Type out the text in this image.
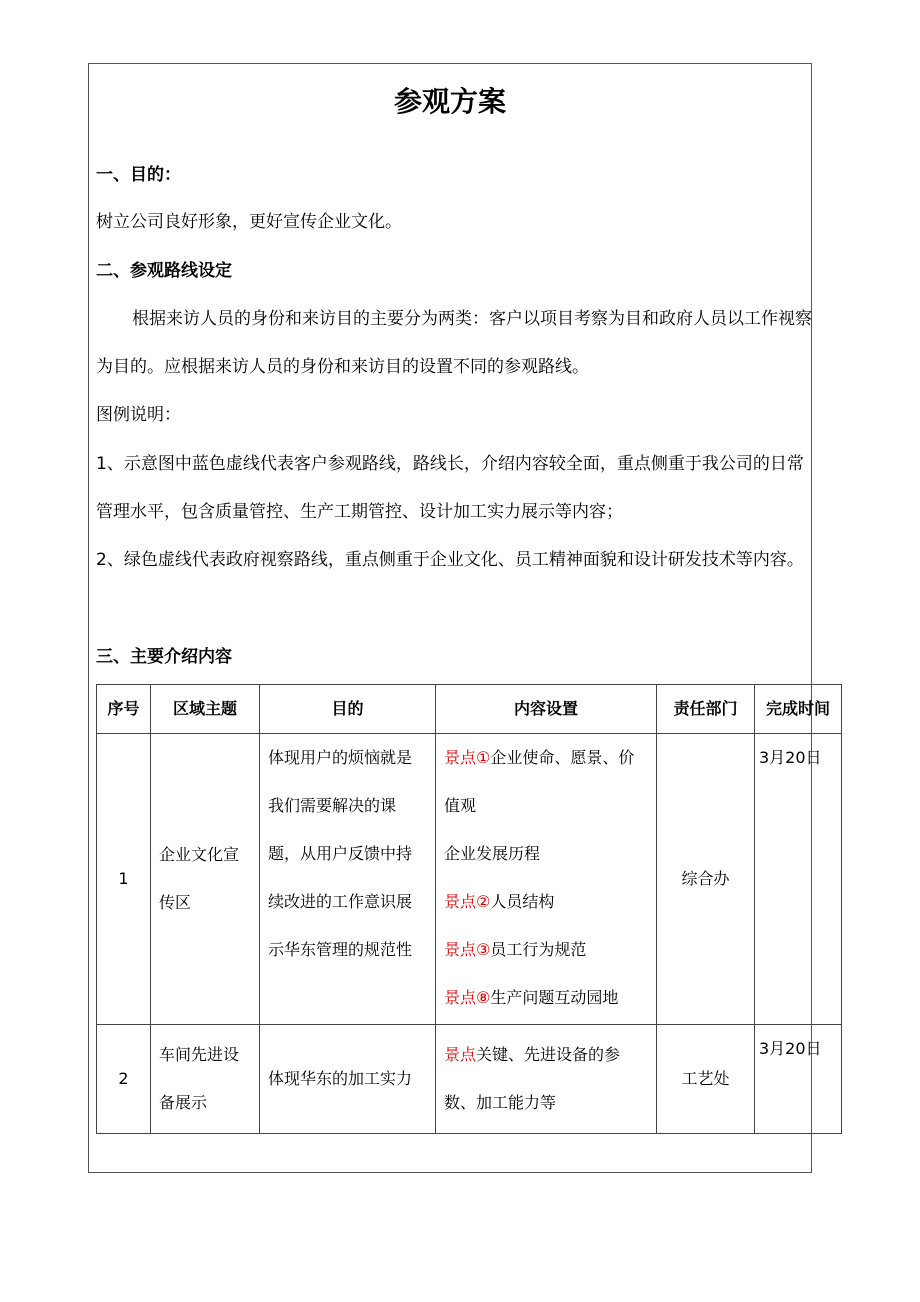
参观方案
一、目的：
树立公司良好形象，更好宣传企业文化。
二、参观路线设定
根据来访人员的身份和来访目的主要分为两类：客户以项目考察为目和政府人员以工作视察为目的。应根据来访人员的身份和来访目的设置不同的参观路线。
图例说明：
1、示意图中蓝色虚线代表客户参观路线，路线长，介绍内容较全面，重点侧重于我公司的日常管理水平，包含质量管控、生产工期管控、设计加工实力展示等内容；
2、绿色虚线代表政府视察路线，重点侧重于企业文化、员工精神面貌和设计研发技术等内容。
三、主要介绍内容
序号	区域主题	目的	内容设置	责任部门	完成时间
1	企业文化宣传区	体现用户的烦恼就是我们需要解决的课题，从用户反馈中持续改进的工作意识展示华东管理的规范性	景点①企业使命、愿景、价值观
企业发展历程
景点②人员结构
景点③员工行为规范
景点⑧生产问题互动园地	综合办	3月20日
2	车间先进设备展示	体现华东的加工实力	景点关键、先进设备的参数、加工能力等	工艺处	3月20日
